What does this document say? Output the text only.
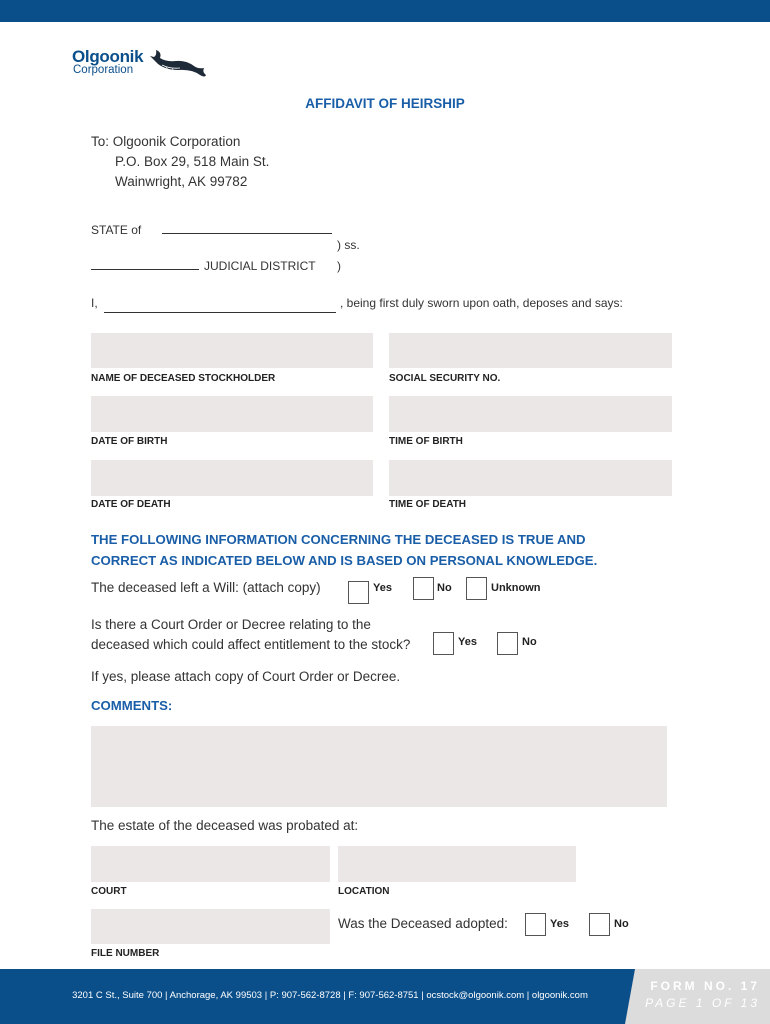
Olgoonik
Corporation
AFFIDAVIT OF HEIRSHIP
To: Olgoonik Corporation
P.O. Box 29, 518 Main St.
Wainwright, AK 99782
STATE of
) ss.
JUDICIAL DISTRICT )
I,	, being first duly sworn upon oath, deposes and says:
NAME OF DECEASED STOCKHOLDER	SOCIAL SECURITY NO.
DATE OF BIRTH	TIME OF BIRTH
DATE OF DEATH	TIME OF DEATH
THE FOLLOWING INFORMATION CONCERNING THE DECEASED IS TRUE AND
CORRECT AS INDICATED BELOW AND IS BASED ON PERSONAL KNOWLEDGE.
The deceased left a Will: (attach copy)	Yes	No	Unknown
Is there a Court Order or Decree relating to the
deceased which could affect entitlement to the stock?	Yes	No
If yes, please attach copy of Court Order or Decree.
COMMENTS:
The estate of the deceased was probated at:
COURT	LOCATION
FILE NUMBER
Was the Deceased adopted:	Yes	No
3201 C St., Suite 700 | Anchorage, AK 99503 | P: 907-562-8728 | F: 907-562-8751 | ocstock@olgoonik.com | olgoonik.com
FORM NO. 17
PAGE 1 OF 13
